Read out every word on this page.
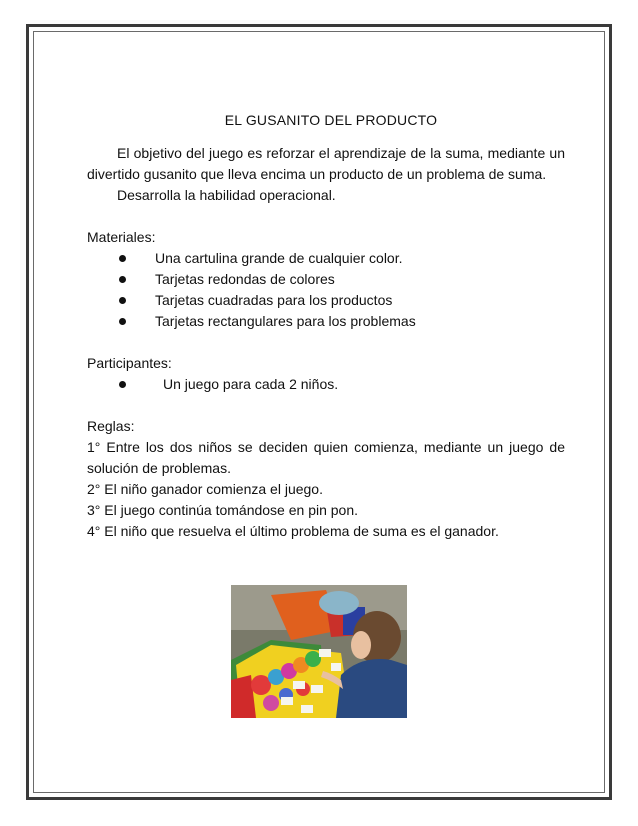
EL GUSANITO DEL PRODUCTO

El objetivo del juego es reforzar el aprendizaje de la suma, mediante un divertido gusanito que lleva encima un producto de un problema de suma.

Desarrolla la habilidad operacional.

Materiales:

Una cartulina grande de cualquier color.
Tarjetas redondas de colores
Tarjetas cuadradas para los productos
Tarjetas rectangulares para los problemas

Participantes:

Un juego para cada 2 niños.

Reglas:

1° Entre los dos niños se deciden quien comienza, mediante un juego de solución de problemas.

2° El niño ganador comienza el juego.

3° El juego continúa tomándose en pin pon.

4° El niño que resuelva el último problema de suma es el ganador.
